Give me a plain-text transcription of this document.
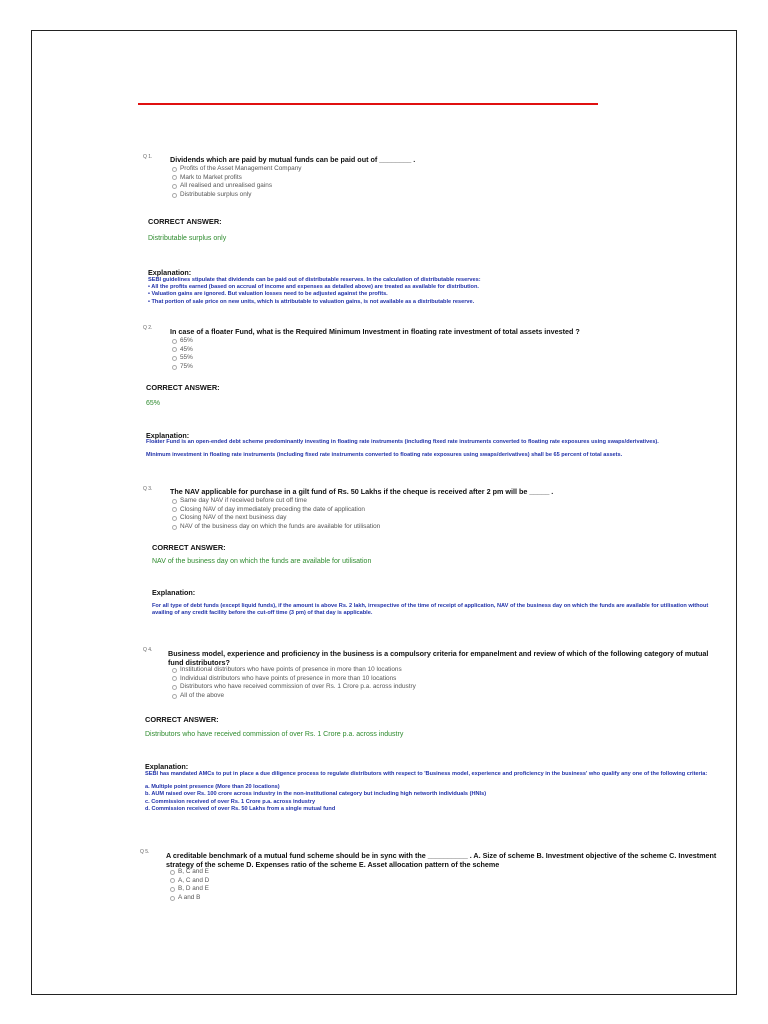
Q 1. Dividends which are paid by mutual funds can be paid out of ________ .
Profits of the Asset Management Company
Mark to Market profits
All realised and unrealised gains
Distributable surplus only
CORRECT ANSWER:
Distributable surplus only
Explanation:

SEBI guidelines stipulate that dividends can be paid out of distributable reserves. In the calculation of distributable reserves:

• All the profits earned (based on accrual of income and expenses as detailed above) are treated as available for distribution.

• Valuation gains are ignored. But valuation losses need to be adjusted against the profits.

• That portion of sale price on new units, which is attributable to valuation gains, is not available as a distributable reserve.

Q 2. In case of a floater Fund, what is the Required Minimum Investment in floating rate investment of total assets invested ?
65%
45%
55%
75%
CORRECT ANSWER:
65%
Explanation:

Floater Fund is an open-ended debt scheme predominantly investing in floating rate instruments (including fixed rate instruments converted to floating rate exposures using swaps/derivatives).

Minimum investment in floating rate instruments (including fixed rate instruments converted to floating rate exposures using swaps/derivatives) shall be 65 percent of total assets.

Q 3. The NAV applicable for purchase in a gilt fund of Rs. 50 Lakhs if the cheque is received after 2 pm will be _____ .
Same day NAV if received before cut off time
Closing NAV of day immediately preceding the date of application
Closing NAV of the next business day
NAV of the business day on which the funds are available for utilisation
CORRECT ANSWER:
NAV of the business day on which the funds are available for utilisation
Explanation:

For all type of debt funds (except liquid funds), if the amount is above Rs. 2 lakh, irrespective of the time of receipt of application, NAV of the business day on which the funds are available for utilisation without availing of any credit facility before the cut-off time (3 pm) of that day is applicable.

Q 4. Business model, experience and proficiency in the business is a compulsory criteria for empanelment and review of which of the following category of mutual fund distributors?
Institutional distributors who have points of presence in more than 10 locations
Individual distributors who have points of presence in more than 10 locations
Distributors who have received commission of over Rs. 1 Crore p.a. across industry
All of the above
CORRECT ANSWER:
Distributors who have received commission of over Rs. 1 Crore p.a. across industry
Explanation:

SEBI has mandated AMCs to put in place a due diligence process to regulate distributors with respect to 'Business model, experience and proficiency in the business' who qualify any one of the following criteria:

a. Multiple point presence (More than 20 locations)

b. AUM raised over Rs. 100 crore across industry in the non-institutional category but including high networth individuals (HNIs)

c. Commission received of over Rs. 1 Crore p.a. across industry

d. Commission received of over Rs. 50 Lakhs from a single mutual fund

Q 5. A creditable benchmark of a mutual fund scheme should be in sync with the __________ . A. Size of scheme B. Investment objective of the scheme C. Investment strategy of the scheme D. Expenses ratio of the scheme E. Asset allocation pattern of the scheme
B, C and E
A, C and D
B, D and E
A and B
